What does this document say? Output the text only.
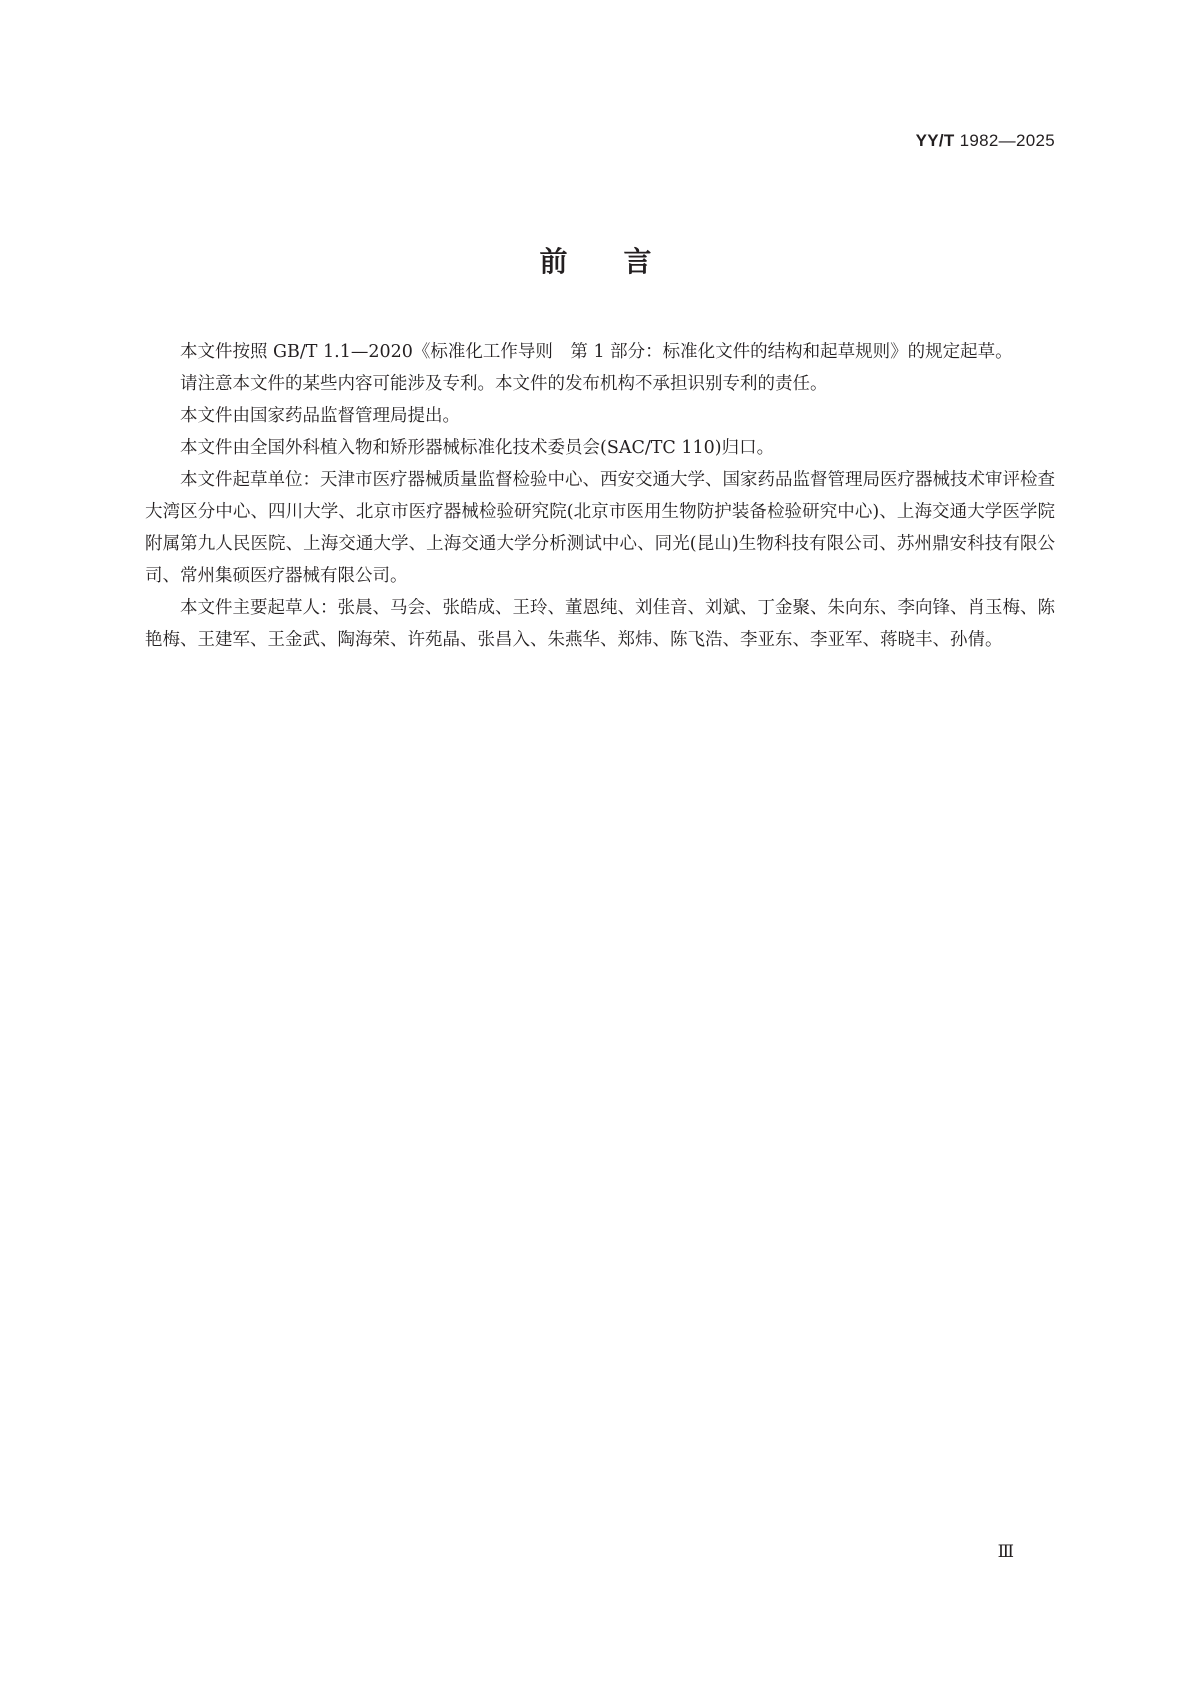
YY/T 1982—2025
前言

本文件按照 GB/T 1.1—2020《标准化工作导则　第 1 部分：标准化文件的结构和起草规则》的规定起草。

请注意本文件的某些内容可能涉及专利。本文件的发布机构不承担识别专利的责任。

本文件由国家药品监督管理局提出。

本文件由全国外科植入物和矫形器械标准化技术委员会(SAC/TC 110)归口。

本文件起草单位：天津市医疗器械质量监督检验中心、西安交通大学、国家药品监督管理局医疗器械技术审评检查大湾区分中心、四川大学、北京市医疗器械检验研究院(北京市医用生物防护装备检验研究中心)、上海交通大学医学院附属第九人民医院、上海交通大学、上海交通大学分析测试中心、同光(昆山)生物科技有限公司、苏州鼎安科技有限公司、常州集硕医疗器械有限公司。

本文件主要起草人：张晨、马会、张皓成、王玲、董恩纯、刘佳音、刘斌、丁金聚、朱向东、李向锋、肖玉梅、陈艳梅、王建军、王金武、陶海荣、许苑晶、张昌入、朱燕华、郑炜、陈飞浩、李亚东、李亚军、蒋晓丰、孙倩。

Ⅲ
